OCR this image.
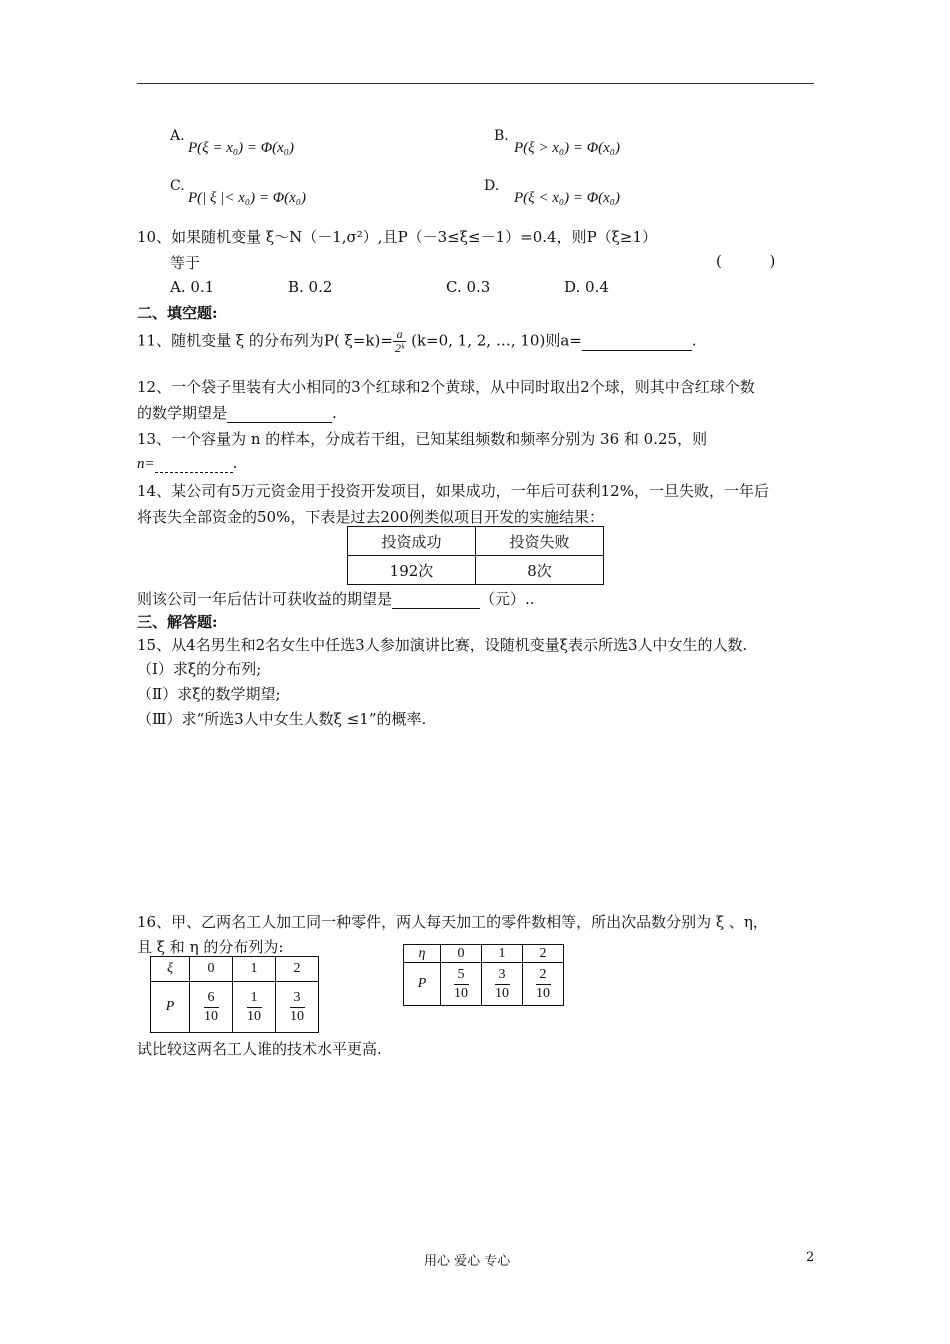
A.
P(ξ = x₀) = Φ(x₀)
B.
P(ξ > x₀) = Φ(x₀)
C.
P(| ξ |< x₀) = Φ(x₀)
D.
P(ξ < x₀) = Φ(x₀)
10、如果随机变量 ξ～N（－1,σ²）,且P（－3≤ξ≤－1）=0.4，则P（ξ≥1）
等于	(          )
A. 0.1	B. 0.2	C. 0.3	D. 0.4
二、填空题:
11、随机变量 ξ 的分布列为P( $\xi=k)= \frac{a}{\text{2ᵏ}} (k=0$, 1, 2, …, 10)则a=	.
12、一个袋子里装有大小相同的3个红球和2个黄球，从中同时取出2个球，则其中含红球个数
的数学期望是	.
13、一个容量为 n 的样本，分成若干组，已知某组频数和频率分别为 36 和 0.25，则
n=	.
14、某公司有5万元资金用于投资开发项目，如果成功，一年后可获利12%，一旦失败，一年后
将丧失全部资金的50%，下表是过去200例类似项目开发的实施结果：
投资成功	投资失败
192次	8次
则该公司一年后估计可获收益的期望是	（元）..
三、解答题:
15、从4名男生和2名女生中任选3人参加演讲比赛，设随机变量ξ表示所选3人中女生的人数.
（Ⅰ）求ξ的分布列;
（Ⅱ）求ξ的数学期望;
（Ⅲ）求“所选3人中女生人数ξ ≤1”的概率.
16、甲、乙两名工人加工同一种零件，两人每天加工的零件数相等，所出次品数分别为 ξ 、η，
且 ξ 和 η 的分布列为:
ξ	0	1	2
P	$\frac{6}{10}$	$\frac{1}{10}$	$\frac{3}{10}$
η	0	1	2
P	$\frac{5}{10}$	$\frac{3}{10}$	$\frac{2}{10}$
试比较这两名工人谁的技术水平更高.
用心 爱心 专心	2
